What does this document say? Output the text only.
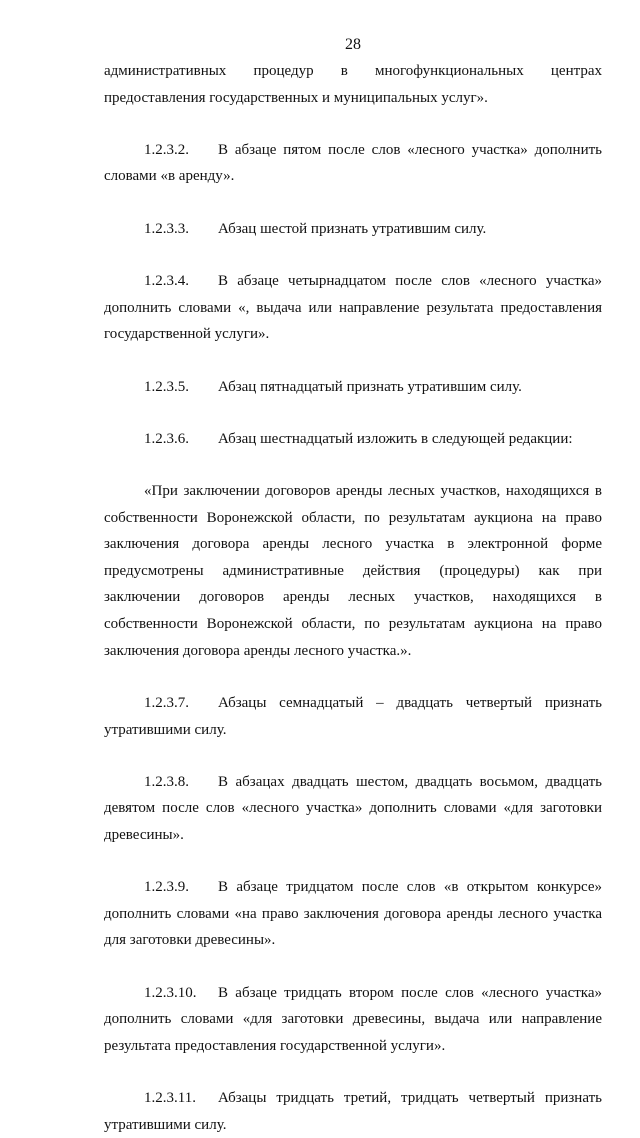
28
административных процедур в многофункциональных центрах
предоставления государственных и муниципальных услуг».
1.2.3.2. В абзаце пятом после слов «лесного участка» дополнить
словами «в аренду».
1.2.3.3. Абзац шестой признать утратившим силу.
1.2.3.4. В абзаце четырнадцатом после слов «лесного участка»
дополнить словами «, выдача или направление результата предоставления
государственной услуги».
1.2.3.5. Абзац пятнадцатый признать утратившим силу.
1.2.3.6. Абзац шестнадцатый изложить в следующей редакции:
«При заключении договоров аренды лесных участков, находящихся в
собственности Воронежской области, по результатам аукциона на право
заключения договора аренды лесного участка в электронной форме
предусмотрены административные действия (процедуры) как при
заключении договоров аренды лесных участков, находящихся в
собственности Воронежской области, по результатам аукциона на право
заключения договора аренды лесного участка.».
1.2.3.7. Абзацы семнадцатый – двадцать четвертый признать
утратившими силу.
1.2.3.8. В абзацах двадцать шестом, двадцать восьмом, двадцать
девятом после слов «лесного участка» дополнить словами «для заготовки
древесины».
1.2.3.9. В абзаце тридцатом после слов «в открытом конкурсе»
дополнить словами «на право заключения договора аренды лесного участка
для заготовки древесины».
1.2.3.10. В абзаце тридцать втором после слов «лесного участка»
дополнить словами «для заготовки древесины, выдача или направление
результата предоставления государственной услуги».
1.2.3.11. Абзацы тридцать третий, тридцать четвертый признать
утратившими силу.
